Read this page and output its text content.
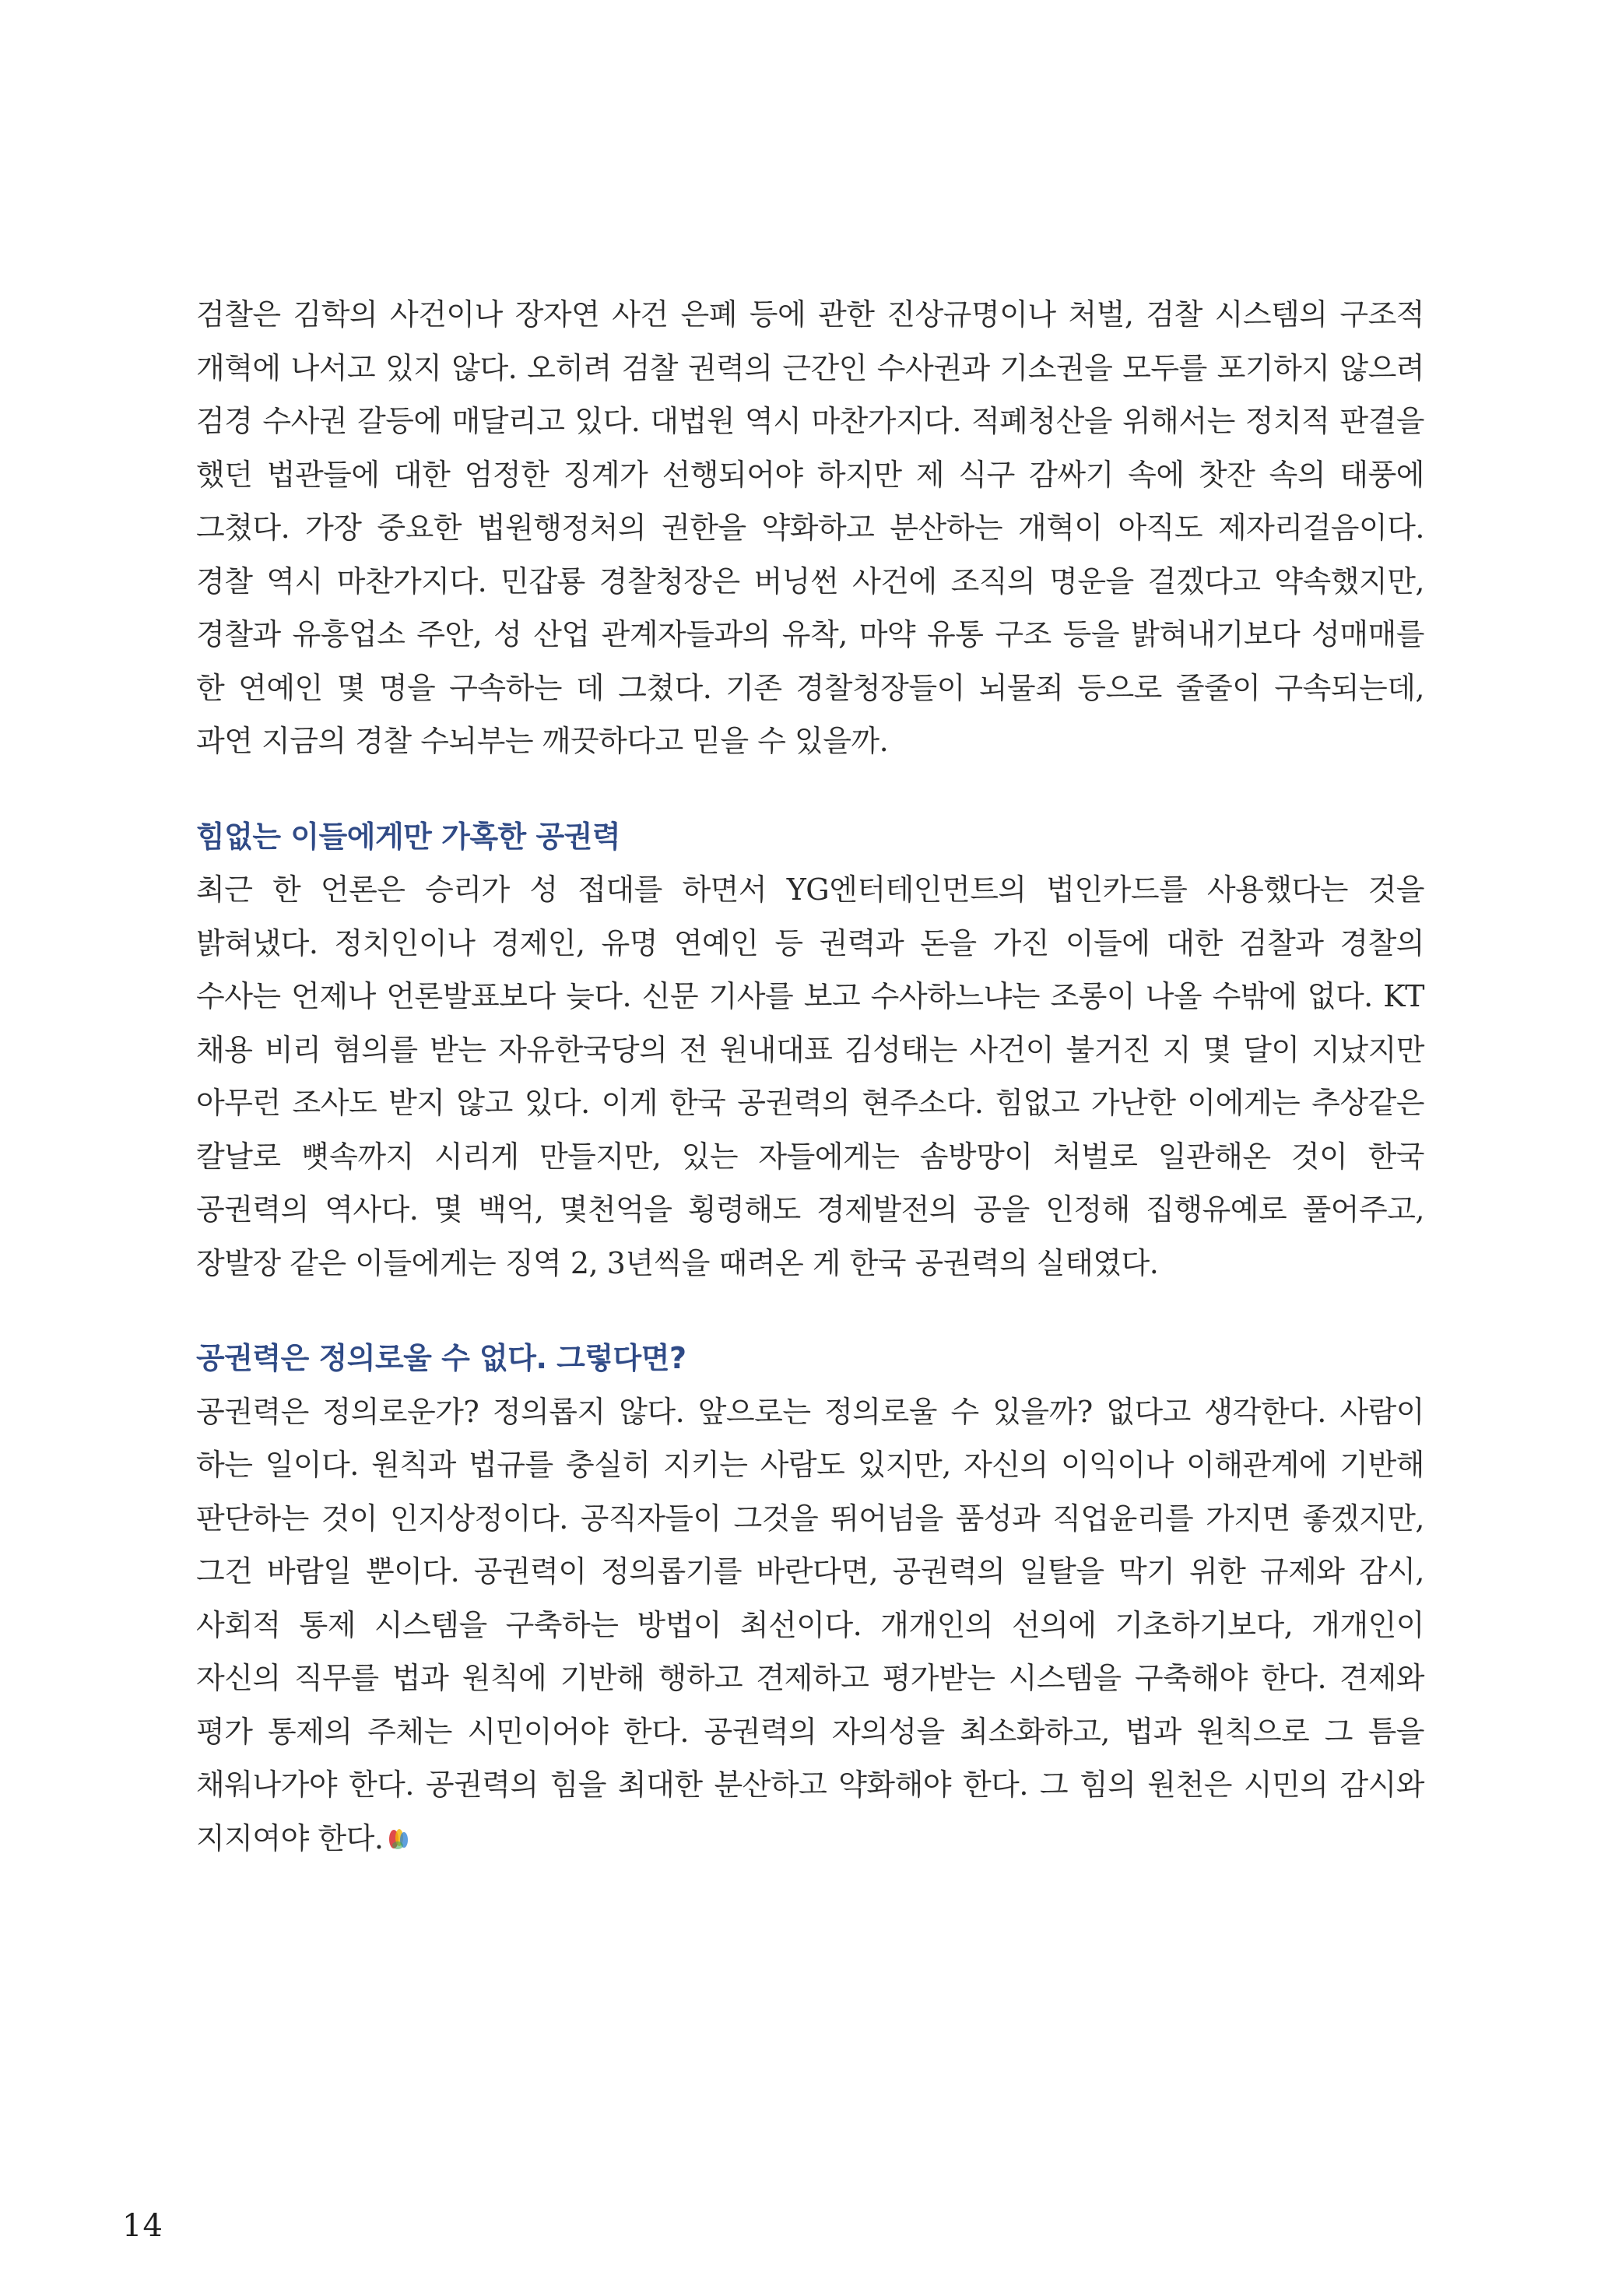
검찰은 김학의 사건이나 장자연 사건 은폐 등에 관한 진상규명이나 처벌, 검찰 시스템의 구조적 개혁에 나서고 있지 않다. 오히려 검찰 권력의 근간인 수사권과 기소권을 모두를 포기하지 않으려 검경 수사권 갈등에 매달리고 있다. 대법원 역시 마찬가지다. 적폐청산을 위해서는 정치적 판결을 했던 법관들에 대한 엄정한 징계가 선행되어야 하지만 제 식구 감싸기 속에 찻잔 속의 태풍에 그쳤다. 가장 중요한 법원행정처의 권한을 약화하고 분산하는 개혁이 아직도 제자리걸음이다. 경찰 역시 마찬가지다. 민갑룡 경찰청장은 버닝썬 사건에 조직의 명운을 걸겠다고 약속했지만, 경찰과 유흥업소 주안, 성 산업 관계자들과의 유착, 마약 유통 구조 등을 밝혀내기보다 성매매를 한 연예인 몇 명을 구속하는 데 그쳤다. 기존 경찰청장들이 뇌물죄 등으로 줄줄이 구속되는데, 과연 지금의 경찰 수뇌부는 깨끗하다고 믿을 수 있을까.

힘없는 이들에게만 가혹한 공권력

최근 한 언론은 승리가 성 접대를 하면서 YG엔터테인먼트의 법인카드를 사용했다는 것을 밝혀냈다. 정치인이나 경제인, 유명 연예인 등 권력과 돈을 가진 이들에 대한 검찰과 경찰의 수사는 언제나 언론발표보다 늦다. 신문 기사를 보고 수사하느냐는 조롱이 나올 수밖에 없다. KT 채용 비리 혐의를 받는 자유한국당의 전 원내대표 김성태는 사건이 불거진 지 몇 달이 지났지만 아무런 조사도 받지 않고 있다. 이게 한국 공권력의 현주소다. 힘없고 가난한 이에게는 추상같은 칼날로 뼛속까지 시리게 만들지만, 있는 자들에게는 솜방망이 처벌로 일관해온 것이 한국 공권력의 역사다. 몇 백억, 몇천억을 횡령해도 경제발전의 공을 인정해 집행유예로 풀어주고, 장발장 같은 이들에게는 징역 2, 3년씩을 때려온 게 한국 공권력의 실태였다.

공권력은 정의로울 수 없다. 그렇다면?

공권력은 정의로운가? 정의롭지 않다. 앞으로는 정의로울 수 있을까? 없다고 생각한다. 사람이 하는 일이다. 원칙과 법규를 충실히 지키는 사람도 있지만, 자신의 이익이나 이해관계에 기반해 판단하는 것이 인지상정이다. 공직자들이 그것을 뛰어넘을 품성과 직업윤리를 가지면 좋겠지만, 그건 바람일 뿐이다. 공권력이 정의롭기를 바란다면, 공권력의 일탈을 막기 위한 규제와 감시, 사회적 통제 시스템을 구축하는 방법이 최선이다. 개개인의 선의에 기초하기보다, 개개인이 자신의 직무를 법과 원칙에 기반해 행하고 견제하고 평가받는 시스템을 구축해야 한다. 견제와 평가 통제의 주체는 시민이어야 한다. 공권력의 자의성을 최소화하고, 법과 원칙으로 그 틈을 채워나가야 한다. 공권력의 힘을 최대한 분산하고 약화해야 한다. 그 힘의 원천은 시민의 감시와 지지여야 한다.

14
